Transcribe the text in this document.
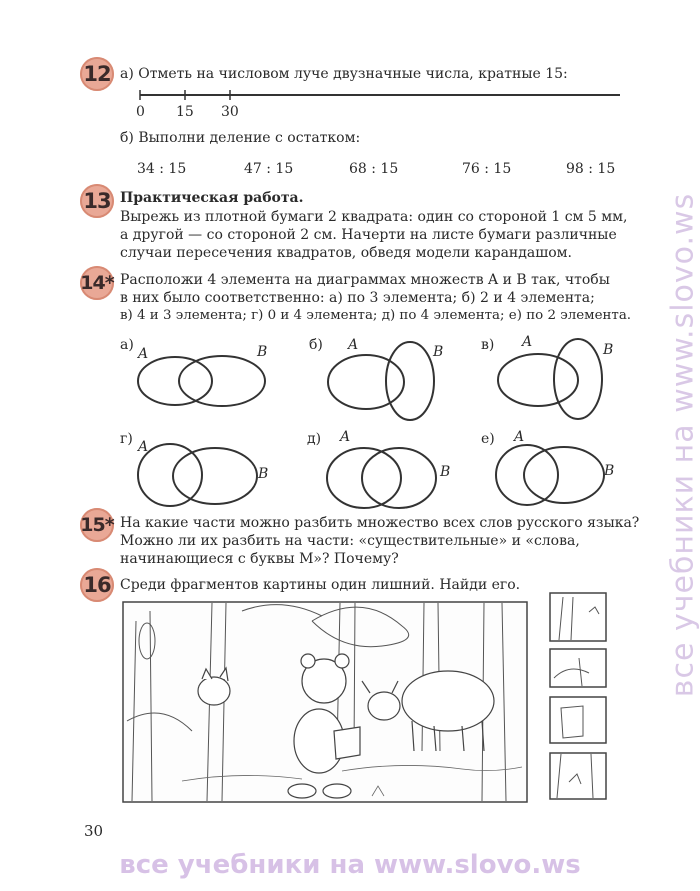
12 а) Отметь на числовом луче двузначные числа, кратные 15:
0 15 30
б) Выполни деление с остатком:
34 : 15	47 : 15	68 : 15	76 : 15	98 : 15
13 Практическая работа.
Вырежь из плотной бумаги 2 квадрата: один со стороной 1 см 5 мм,
а другой — со стороной 2 см. Начерти на листе бумаги различные
случаи пересечения квадратов, обведя модели карандашом.
14* Расположи 4 элемента на диаграммах множеств A и B так, чтобы
в них было соответственно: а) по 3 элемента; б) 2 и 4 элемента;
в) 4 и 3 элемента; г) 0 и 4 элемента; д) по 4 элемента; е) по 2 элемента.
а)
A	B	б) A	B	в) A	B
г) A
B
д) A
B
е) A
B
15* На какие части можно разбить множество всех слов русского языка?
Можно ли их разбить на части: «существительные» и «слова,
начинающиеся с буквы М»? Почему?
16 Среди фрагментов картины один лишний. Найди его.
30
все учебники на www.slovo.ws
все учебники на www.slovo.ws
